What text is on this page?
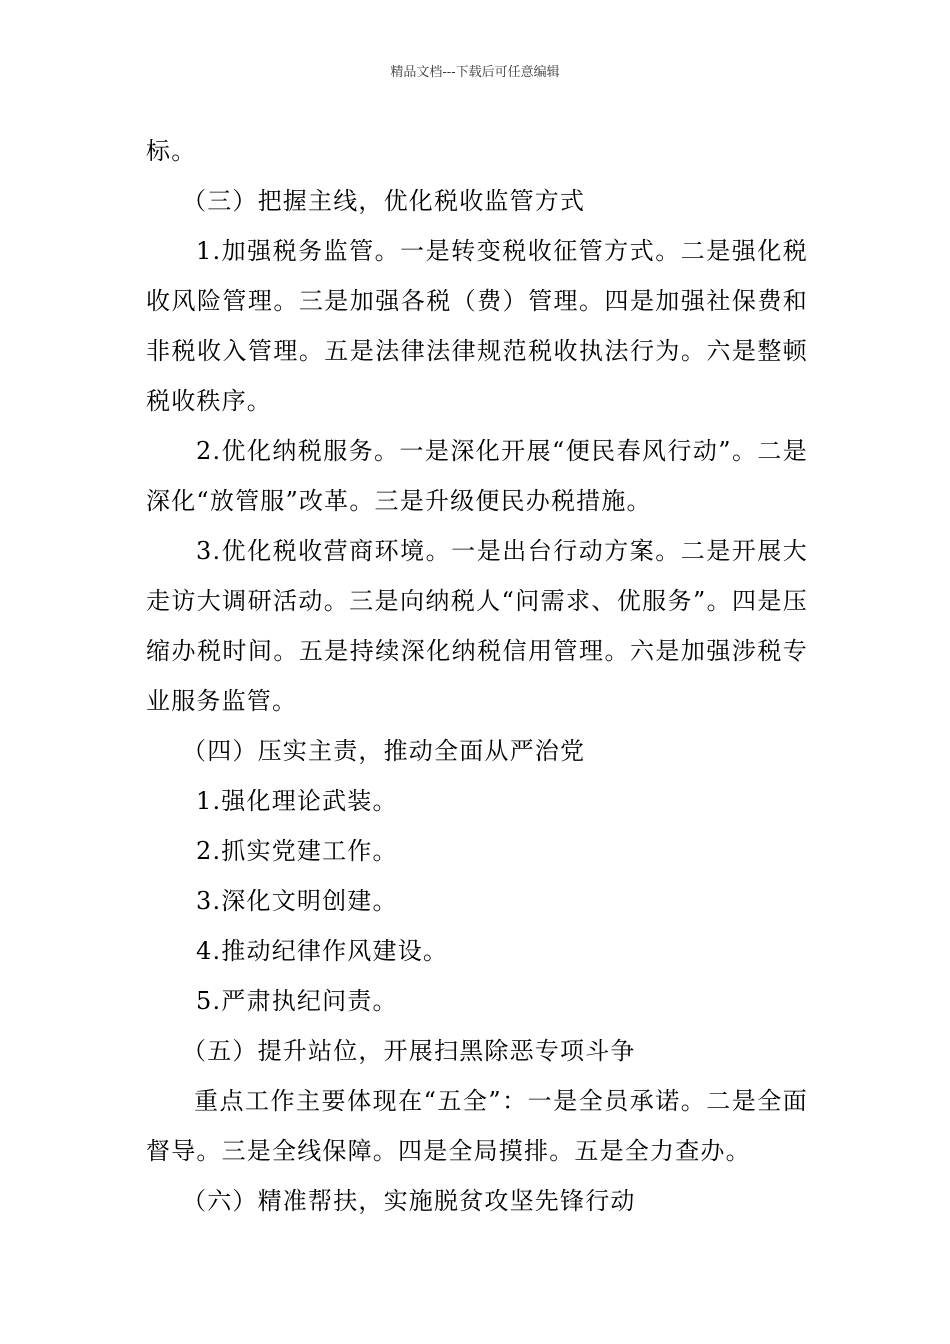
精品文档---下载后可任意编辑

标。

（三）把握主线，优化税收监管方式

1.加强税务监管。一是转变税收征管方式。二是强化税收风险管理。三是加强各税（费）管理。四是加强社保费和非税收入管理。五是法律法律规范税收执法行为。六是整顿税收秩序。

2.优化纳税服务。一是深化开展“便民春风行动”。二是深化“放管服”改革。三是升级便民办税措施。

3.优化税收营商环境。一是出台行动方案。二是开展大走访大调研活动。三是向纳税人“问需求、优服务”。四是压缩办税时间。五是持续深化纳税信用管理。六是加强涉税专业服务监管。

（四）压实主责，推动全面从严治党

1.强化理论武装。

2.抓实党建工作。

3.深化文明创建。

4.推动纪律作风建设。

5.严肃执纪问责。

（五）提升站位，开展扫黑除恶专项斗争

重点工作主要体现在“五全”：一是全员承诺。二是全面督导。三是全线保障。四是全局摸排。五是全力查办。

（六）精准帮扶，实施脱贫攻坚先锋行动
